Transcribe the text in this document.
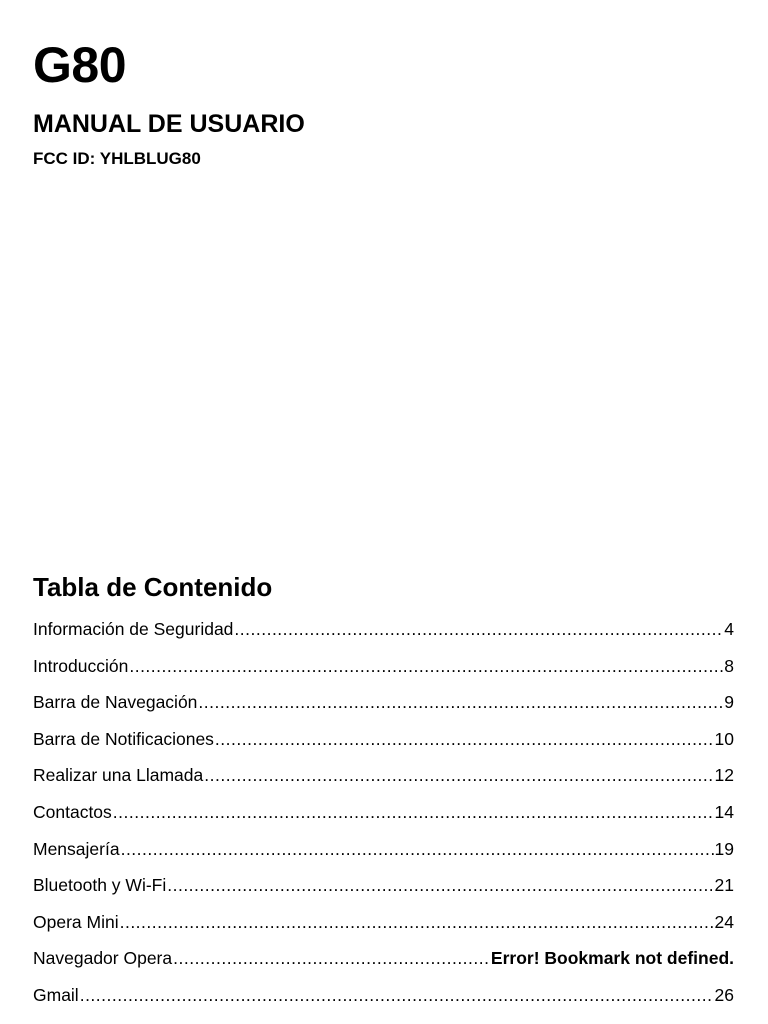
G80
MANUAL DE USUARIO
FCC ID: YHLBLUG80
Tabla de Contenido
Información de Seguridad .....	4
Introducción .....	8
Barra de Navegación .....	9
Barra de Notificaciones .....	10
Realizar una Llamada .....	12
Contactos .....	14
Mensajería .....	19
Bluetooth y Wi-Fi .....	21
Opera Mini .....	24
Navegador Opera .....	Error! Bookmark not defined.
Gmail .....	26
